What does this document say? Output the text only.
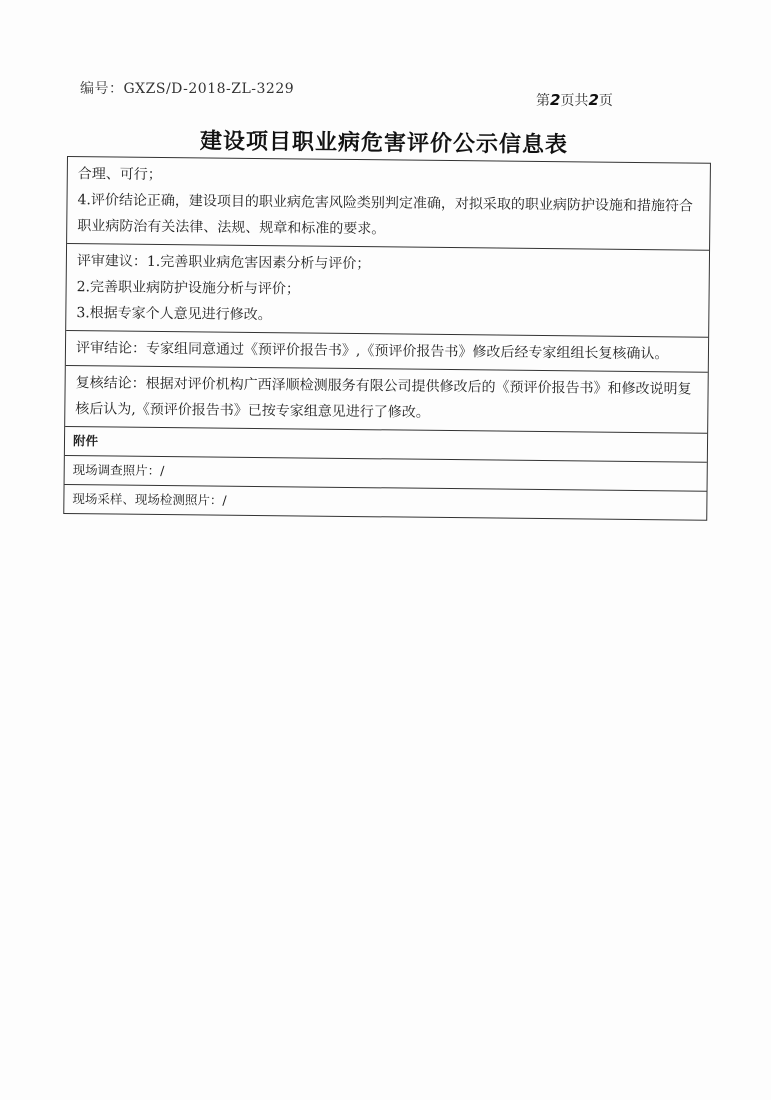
编号：GXZS/D-2018-ZL-3229
第2页共2页
建设项目职业病危害评价公示信息表

合理、可行；

4.评价结论正确，建设项目的职业病危害风险类别判定准确，对拟采取的职业病防护设施和措施符合职业病防治有关法律、法规、规章和标准的要求。

评审建议：1.完善职业病危害因素分析与评价；

2.完善职业病防护设施分析与评价；

3.根据专家个人意见进行修改。

评审结论：专家组同意通过《预评价报告书》,《预评价报告书》修改后经专家组组长复核确认。

复核结论：根据对评价机构广西泽顺检测服务有限公司提供修改后的《预评价报告书》和修改说明复核后认为,《预评价报告书》已按专家组意见进行了修改。

附件

现场调查照片：/

现场采样、现场检测照片：/
